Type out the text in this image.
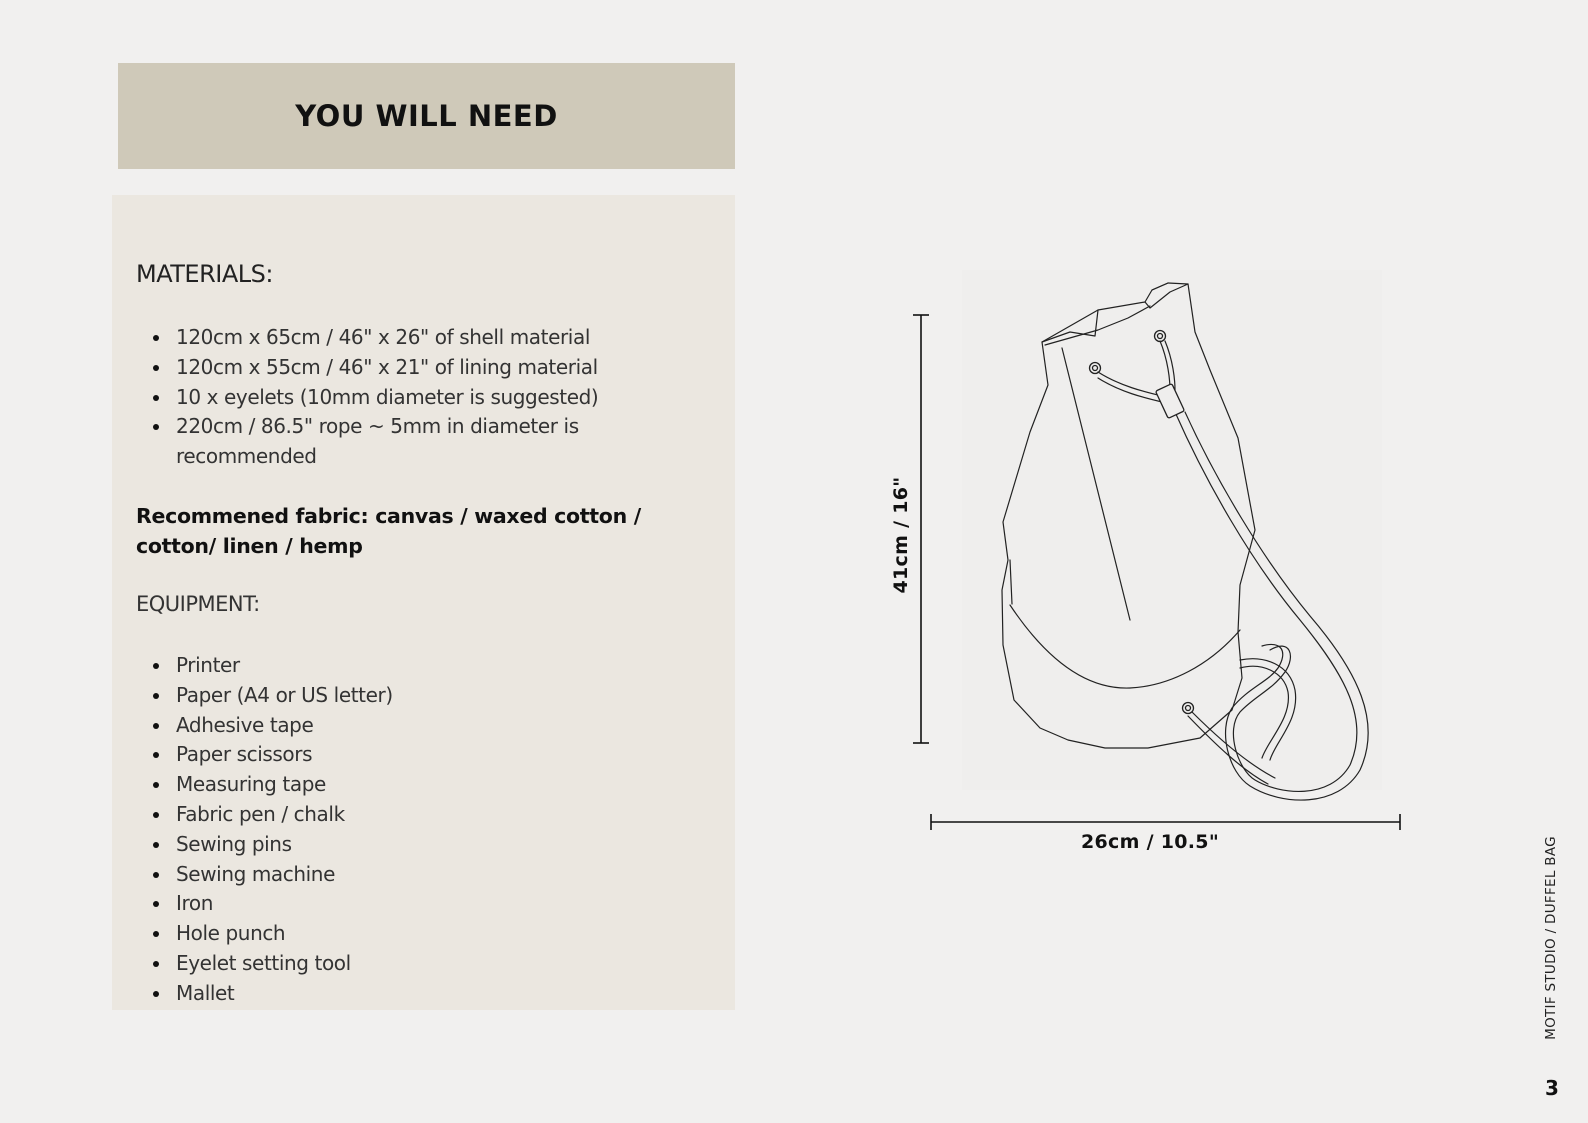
YOU WILL NEED
MATERIALS:
• 120cm x 65cm / 46" x 26" of shell material
• 120cm x 55cm / 46" x 21" of lining material
• 10 x eyelets (10mm diameter is suggested)
• 220cm / 86.5" rope ~ 5mm in diameter is recommended

Recommened fabric: canvas / waxed cotton / cotton/ linen / hemp

EQUIPMENT:
• Printer
• Paper (A4 or US letter)
• Adhesive tape
• Paper scissors
• Measuring tape
• Fabric pen / chalk
• Sewing pins
• Sewing machine
• Iron
• Hole punch
• Eyelet setting tool
• Mallet
41cm / 16"
26cm / 10.5"	MOTIF STUDIO / DUFFEL BAG
3
